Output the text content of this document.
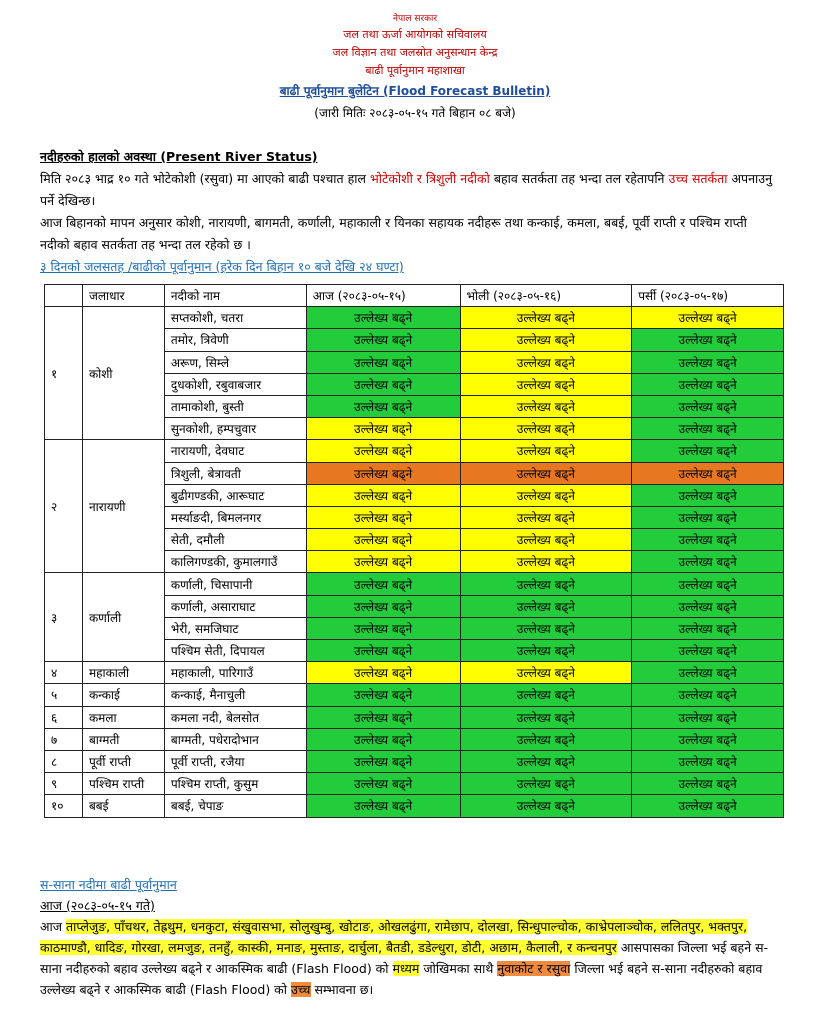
नेपाल सरकार
जल तथा ऊर्जा आयोगको सचिवालय
जल विज्ञान तथा जलस्रोत अनुसन्धान केन्द्र
बाढी पूर्वानुमान महाशाखा
बाढी पूर्वानुमान बुलेटिन (Flood Forecast Bulletin)
(जारी मितिः २०८३-०५-१५ गते बिहान ०८ बजे)
नदीहरुको हालको अवस्था (Present River Status)
मिति २०८३ भाद्र १० गते भोटेकोशी (रसुवा) मा आएको बाढी पश्चात हाल भोटेकोशी र त्रिशुली नदीको बहाव सतर्कता तह भन्दा तल रहेतापनि उच्च सतर्कता अपनाउनु पर्ने देखिन्छ।
आज बिहानको मापन अनुसार कोशी, नारायणी, बागमती, कर्णाली, महाकाली र यिनका सहायक नदीहरू तथा कन्काई, कमला, बबई, पूर्वी राप्ती र पश्चिम राप्ती नदीको बहाव सतर्कता तह भन्दा तल रहेको छ ।
३ दिनको जलसतह /बाढीको पूर्वानुमान (हरेक दिन बिहान १० बजे देखि २४ घण्टा)
	जलाधार	नदीको नाम	आज (२०८३-०५-१५)	भोली (२०८३-०५-१६)	पर्सी (२०८३-०५-१७)
१	कोशी	सप्तकोशी, चतरा	उल्लेख्य बढ्ने	उल्लेख्य बढ्ने	उल्लेख्य बढ्ने
		तमोर, त्रिवेणी	उल्लेख्य बढ्ने	उल्लेख्य बढ्ने	उल्लेख्य बढ्ने
		अरूण, सिम्ले	उल्लेख्य बढ्ने	उल्लेख्य बढ्ने	उल्लेख्य बढ्ने
		दुधकोशी, रबुवाबजार	उल्लेख्य बढ्ने	उल्लेख्य बढ्ने	उल्लेख्य बढ्ने
		तामाकोशी, बुस्ती	उल्लेख्य बढ्ने	उल्लेख्य बढ्ने	उल्लेख्य बढ्ने
		सुनकोशी, हम्पचुवार	उल्लेख्य बढ्ने	उल्लेख्य बढ्ने	उल्लेख्य बढ्ने
२	नारायणी	नारायणी, देवघाट	उल्लेख्य बढ्ने	उल्लेख्य बढ्ने	उल्लेख्य बढ्ने
		त्रिशुली, बेत्रावती	उल्लेख्य बढ्ने	उल्लेख्य बढ्ने	उल्लेख्य बढ्ने
		बुढीगण्डकी, आरूघाट	उल्लेख्य बढ्ने	उल्लेख्य बढ्ने	उल्लेख्य बढ्ने
		मर्स्याङदी, बिमलनगर	उल्लेख्य बढ्ने	उल्लेख्य बढ्ने	उल्लेख्य बढ्ने
		सेती, दमौली	उल्लेख्य बढ्ने	उल्लेख्य बढ्ने	उल्लेख्य बढ्ने
		कालिगण्डकी, कुमालगाउँ	उल्लेख्य बढ्ने	उल्लेख्य बढ्ने	उल्लेख्य बढ्ने
३	कर्णाली	कर्णाली, चिसापानी	उल्लेख्य बढ्ने	उल्लेख्य बढ्ने	उल्लेख्य बढ्ने
		कर्णाली, असाराघाट	उल्लेख्य बढ्ने	उल्लेख्य बढ्ने	उल्लेख्य बढ्ने
		भेरी, समजिघाट	उल्लेख्य बढ्ने	उल्लेख्य बढ्ने	उल्लेख्य बढ्ने
		पश्चिम सेती, दिपायल	उल्लेख्य बढ्ने	उल्लेख्य बढ्ने	उल्लेख्य बढ्ने
४	महाकाली	महाकाली, पारिगाउँ	उल्लेख्य बढ्ने	उल्लेख्य बढ्ने	उल्लेख्य बढ्ने
५	कन्काई	कन्काई, मैनाचुली	उल्लेख्य बढ्ने	उल्लेख्य बढ्ने	उल्लेख्य बढ्ने
६	कमला	कमला नदी, बेलसोत	उल्लेख्य बढ्ने	उल्लेख्य बढ्ने	उल्लेख्य बढ्ने
७	बाग्मती	बाग्मती, पधेरादोभान	उल्लेख्य बढ्ने	उल्लेख्य बढ्ने	उल्लेख्य बढ्ने
८	पूर्वी राप्ती	पूर्वी राप्ती, रजैया	उल्लेख्य बढ्ने	उल्लेख्य बढ्ने	उल्लेख्य बढ्ने
९	पश्चिम राप्ती	पश्चिम राप्ती, कुसुम	उल्लेख्य बढ्ने	उल्लेख्य बढ्ने	उल्लेख्य बढ्ने
१०	बबई	बबई, चेपाङ	उल्लेख्य बढ्ने	उल्लेख्य बढ्ने	उल्लेख्य बढ्ने
स-साना नदीमा बाढी पूर्वानुमान
आज (२०८३-०५-१५ गते)
आज ताप्लेजुङ, पाँचथर, तेह्रथुम, धनकुटा, संखुवासभा, सोलुखुम्बु, खोटाङ, ओखलढुंगा, रामेछाप, दोलखा, सिन्धुपाल्चोक, काभ्रेपलाञ्चोक, ललितपुर, भक्तपुर, काठमाण्डौ, धादिङ, गोरखा, लमजुङ, तनहुँ, कास्की, मनाङ, मुस्ताङ, दार्चुला, बैतडी, डडेल्धुरा, डोटी, अछाम, कैलाली, र कन्चनपुर आसपासका जिल्ला भई बहने स-साना नदीहरुको बहाव उल्लेख्य बढ्ने र आकस्मिक बाढी (Flash Flood) को मध्यम जोखिमका साथै नुवाकोट र रसुवा जिल्ला भई बहने स-साना नदीहरुको बहाव उल्लेख्य बढ्ने र आकस्मिक बाढी (Flash Flood) को उच्च सम्भावना छ।
